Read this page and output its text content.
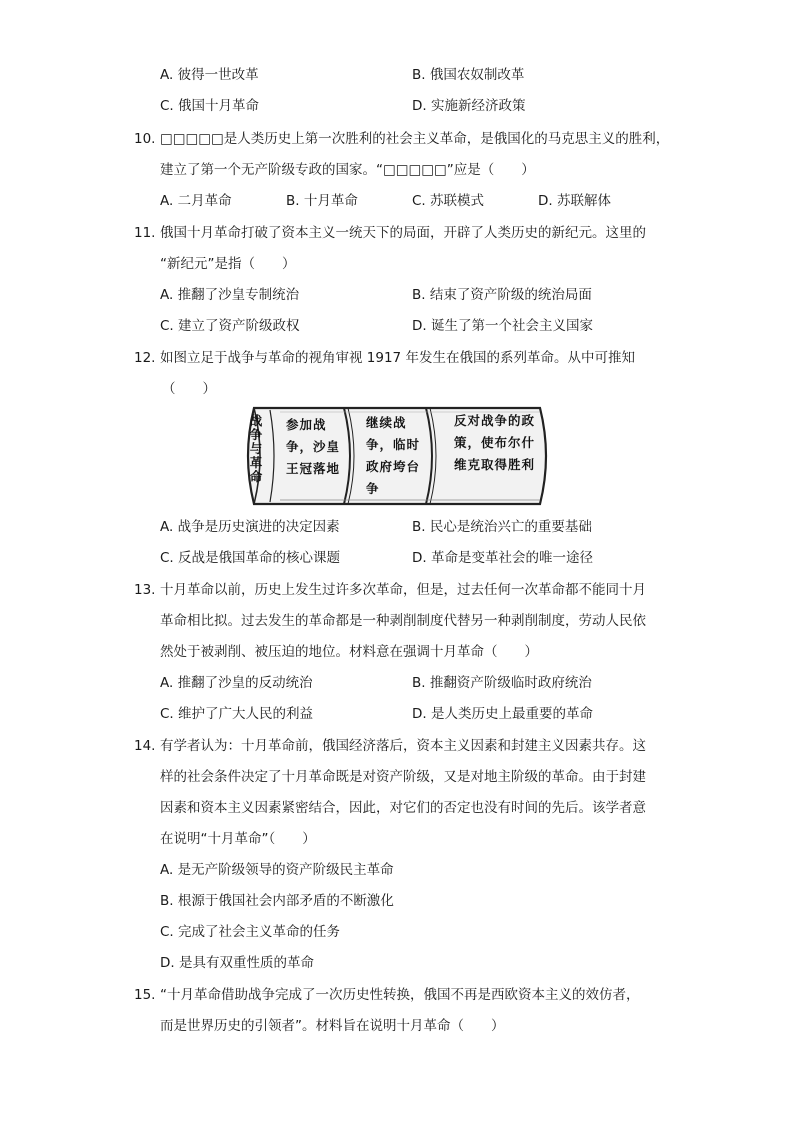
A. 彼得一世改革	B. 俄国农奴制改革
C. 俄国十月革命	D. 实施新经济政策
10. □□□□□是人类历史上第一次胜利的社会主义革命，是俄国化的马克思主义的胜利，
建立了第一个无产阶级专政的国家。“□□□□□”应是（　　）
A. 二月革命	B. 十月革命	C. 苏联模式	D. 苏联解体
11. 俄国十月革命打破了资本主义一统天下的局面，开辟了人类历史的新纪元。这里的
“新纪元”是指（　　）
A. 推翻了沙皇专制统治	B. 结束了资产阶级的统治局面
C. 建立了资产阶级政权	D. 诞生了第一个社会主义国家
12. 如图立足于战争与革命的视角审视 1917 年发生在俄国的系列革命。从中可推知
（　　）
战争与革命
参加战争，沙皇王冠落地
继续战争，临时政府垮台争
反对战争的政策，使布尔什维克取得胜利
A. 战争是历史演进的决定因素	B. 民心是统治兴亡的重要基础
C. 反战是俄国革命的核心课题	D. 革命是变革社会的唯一途径
13. 十月革命以前，历史上发生过许多次革命，但是，过去任何一次革命都不能同十月
革命相比拟。过去发生的革命都是一种剥削制度代替另一种剥削制度，劳动人民依
然处于被剥削、被压迫的地位。材料意在强调十月革命（　　）
A. 推翻了沙皇的反动统治	B. 推翻资产阶级临时政府统治
C. 维护了广大人民的利益	D. 是人类历史上最重要的革命
14. 有学者认为：十月革命前，俄国经济落后，资本主义因素和封建主义因素共存。这
样的社会条件决定了十月革命既是对资产阶级，又是对地主阶级的革命。由于封建
因素和资本主义因素紧密结合，因此，对它们的否定也没有时间的先后。该学者意
在说明“十月革命”（　　）
A. 是无产阶级领导的资产阶级民主革命
B. 根源于俄国社会内部矛盾的不断激化
C. 完成了社会主义革命的任务
D. 是具有双重性质的革命
15. “十月革命借助战争完成了一次历史性转换，俄国不再是西欧资本主义的效仿者，
而是世界历史的引领者”。材料旨在说明十月革命（　　）
